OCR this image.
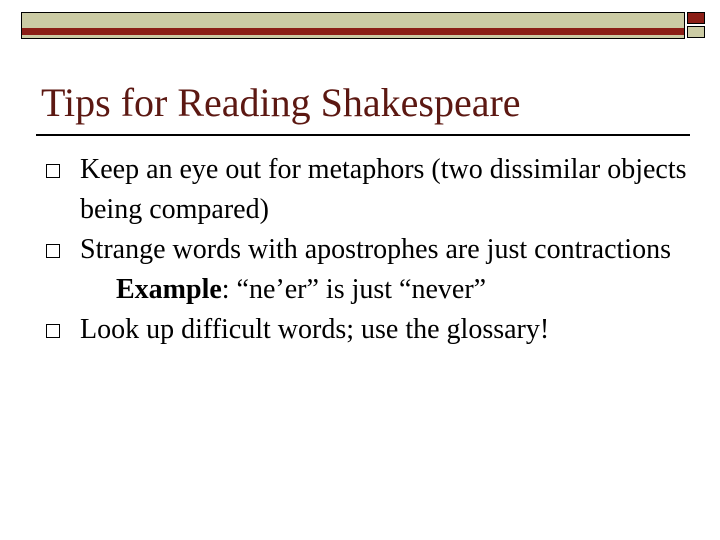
Tips for Reading Shakespeare
Keep an eye out for metaphors (two dissimilar objects being compared)
Strange words with apostrophes are just contractions
Example: “ne’er” is just “never”
Look up difficult words; use the glossary!
